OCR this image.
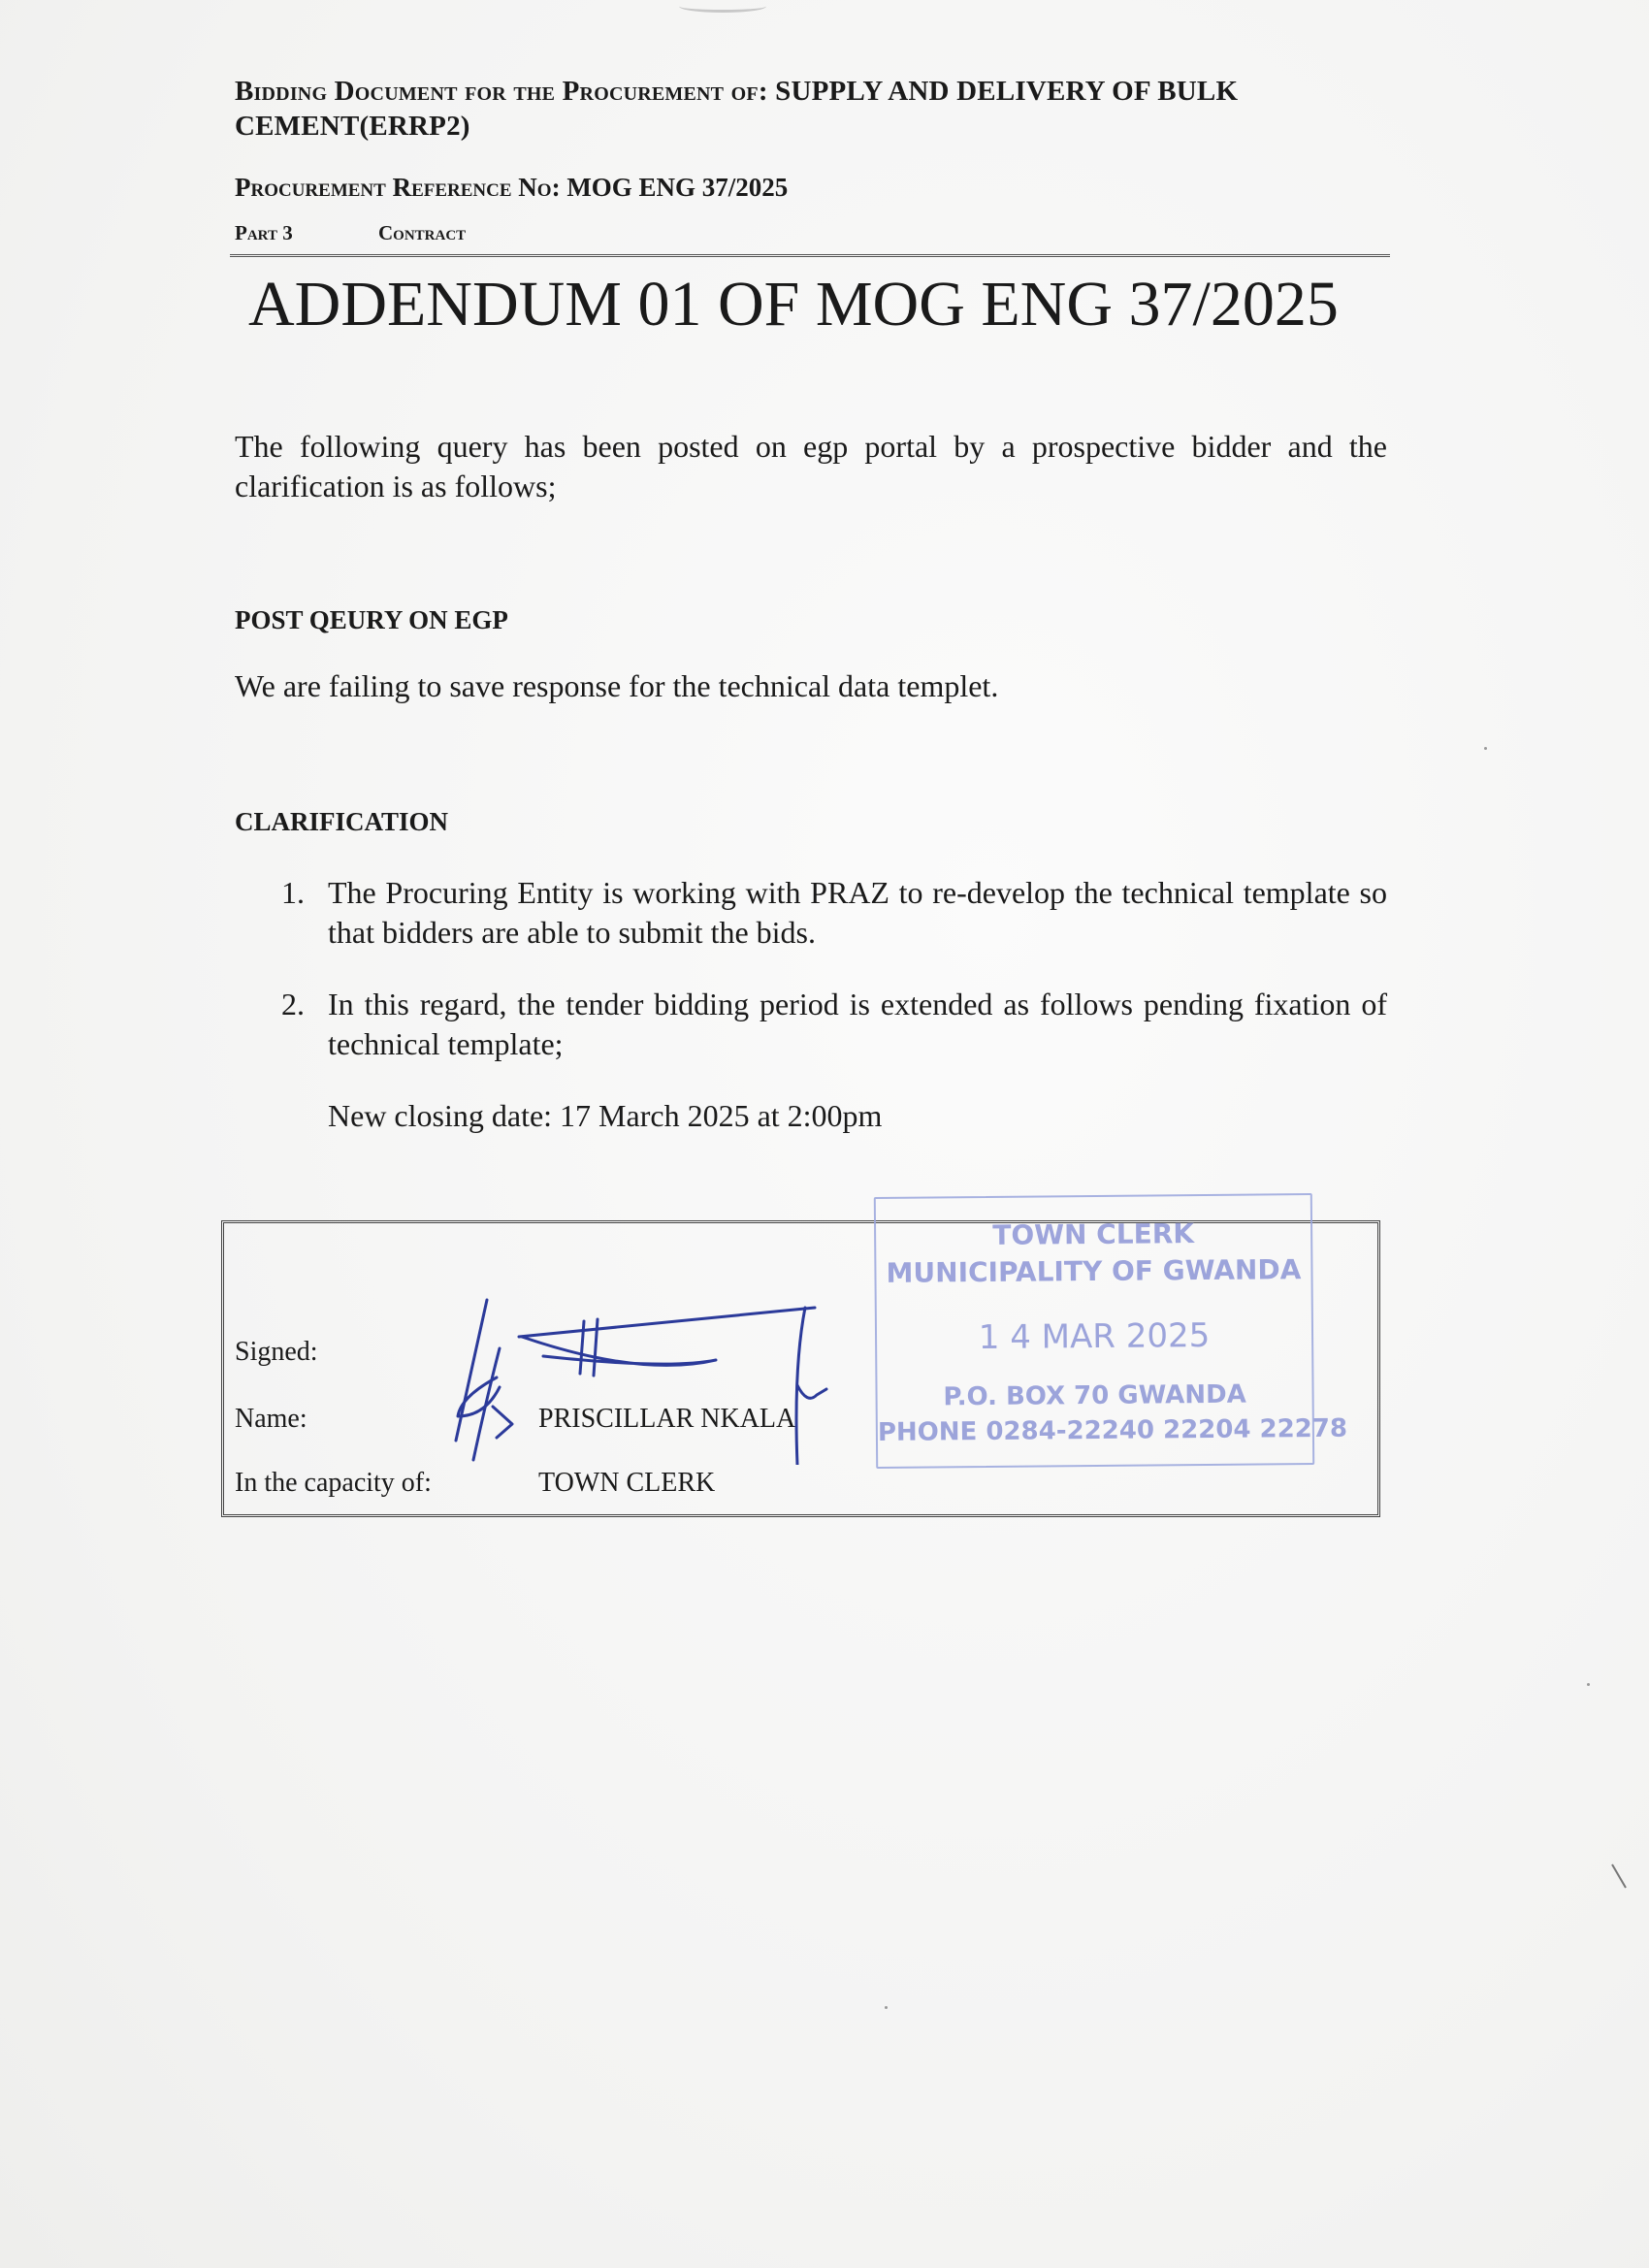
Bidding Document for the Procurement of: SUPPLY AND DELIVERY OF BULK CEMENT(ERRP2)
Procurement Reference No: MOG ENG 37/2025
Part 3	Contract
ADDENDUM 01 OF MOG ENG 37/2025
The following query has been posted on egp portal by a prospective bidder and the clarification is as follows;
POST QEURY ON EGP
We are failing to save response for the technical data templet.
CLARIFICATION
1. The Procuring Entity is working with PRAZ to re-develop the technical template so that bidders are able to submit the bids.
2. In this regard, the tender bidding period is extended as follows pending fixation of technical template;
New closing date: 17 March 2025 at 2:00pm
Signed:
Name:	PRISCILLAR NKALA
In the capacity of:	TOWN CLERK
TOWN CLERK
MUNICIPALITY OF GWANDA
1 4 MAR 2025
P.O. BOX 70 GWANDA
PHONE 0284-22240 22204 22278
